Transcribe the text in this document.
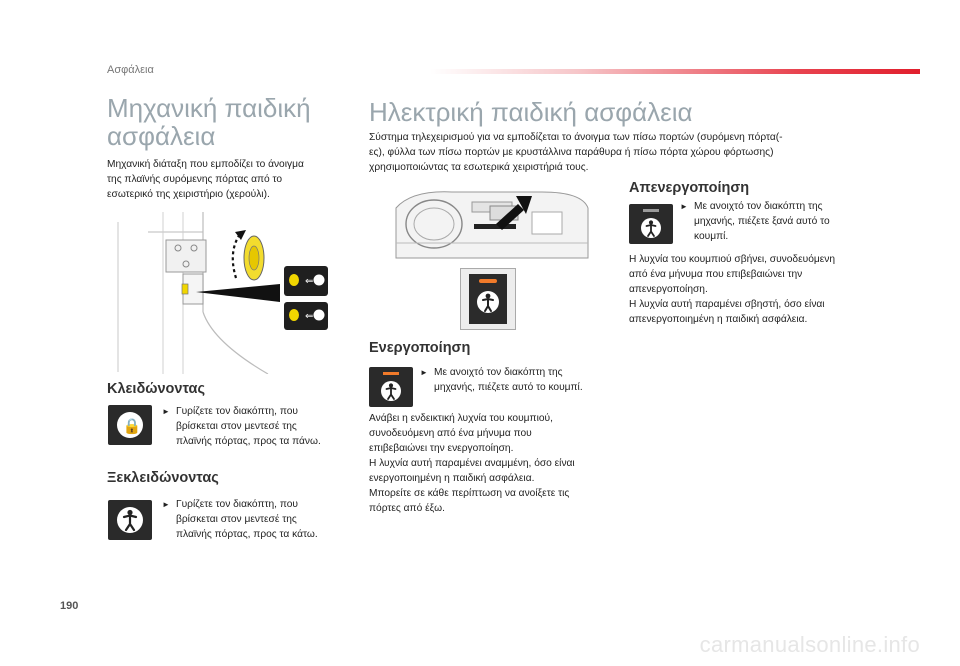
Ασφάλεια
Μηχανική παιδική
ασφάλεια
Μηχανική διάταξη που εμποδίζει το άνοιγμα
της πλαϊνής συρόμενης πόρτας από το
εσωτερικό της χειριστήριο (χερούλι).
⇐
⇐
Κλειδώνοντας
🔒
► Γυρίζετε τον διακόπτη, που
βρίσκεται στον μεντεσέ της
πλαϊνής πόρτας, προς τα πάνω.
Ξεκλειδώνοντας
► Γυρίζετε τον διακόπτη, που
βρίσκεται στον μεντεσέ της
πλαϊνής πόρτας, προς τα κάτω.
Ηλεκτρική παιδική ασφάλεια
Σύστημα τηλεχειρισμού για να εμποδίζεται το άνοιγμα των πίσω πορτών (συρόμενη πόρτα(-
ες), φύλλα των πίσω πορτών με κρυστάλλινα παράθυρα ή πίσω πόρτα χώρου φόρτωσης)
χρησιμοποιώντας τα εσωτερικά χειριστήριά τους.
Ενεργοποίηση
► Με ανοιχτό τον διακόπτη της
μηχανής, πιέζετε αυτό το κουμπί.
Ανάβει η ενδεικτική λυχνία του κουμπιού,
συνοδευόμενη από ένα μήνυμα που
επιβεβαιώνει την ενεργοποίηση.
Η λυχνία αυτή παραμένει αναμμένη, όσο είναι
ενεργοποιημένη η παιδική ασφάλεια.
Μπορείτε σε κάθε περίπτωση να ανοίξετε τις
πόρτες από έξω.
Απενεργοποίηση
► Με ανοιχτό τον διακόπτη της
μηχανής, πιέζετε ξανά αυτό το
κουμπί.
Η λυχνία του κουμπιού σβήνει, συνοδευόμενη
από ένα μήνυμα που επιβεβαιώνει την
απενεργοποίηση.
Η λυχνία αυτή παραμένει σβηστή, όσο είναι
απενεργοποιημένη η παιδική ασφάλεια.
190
carmanualsonline.info
